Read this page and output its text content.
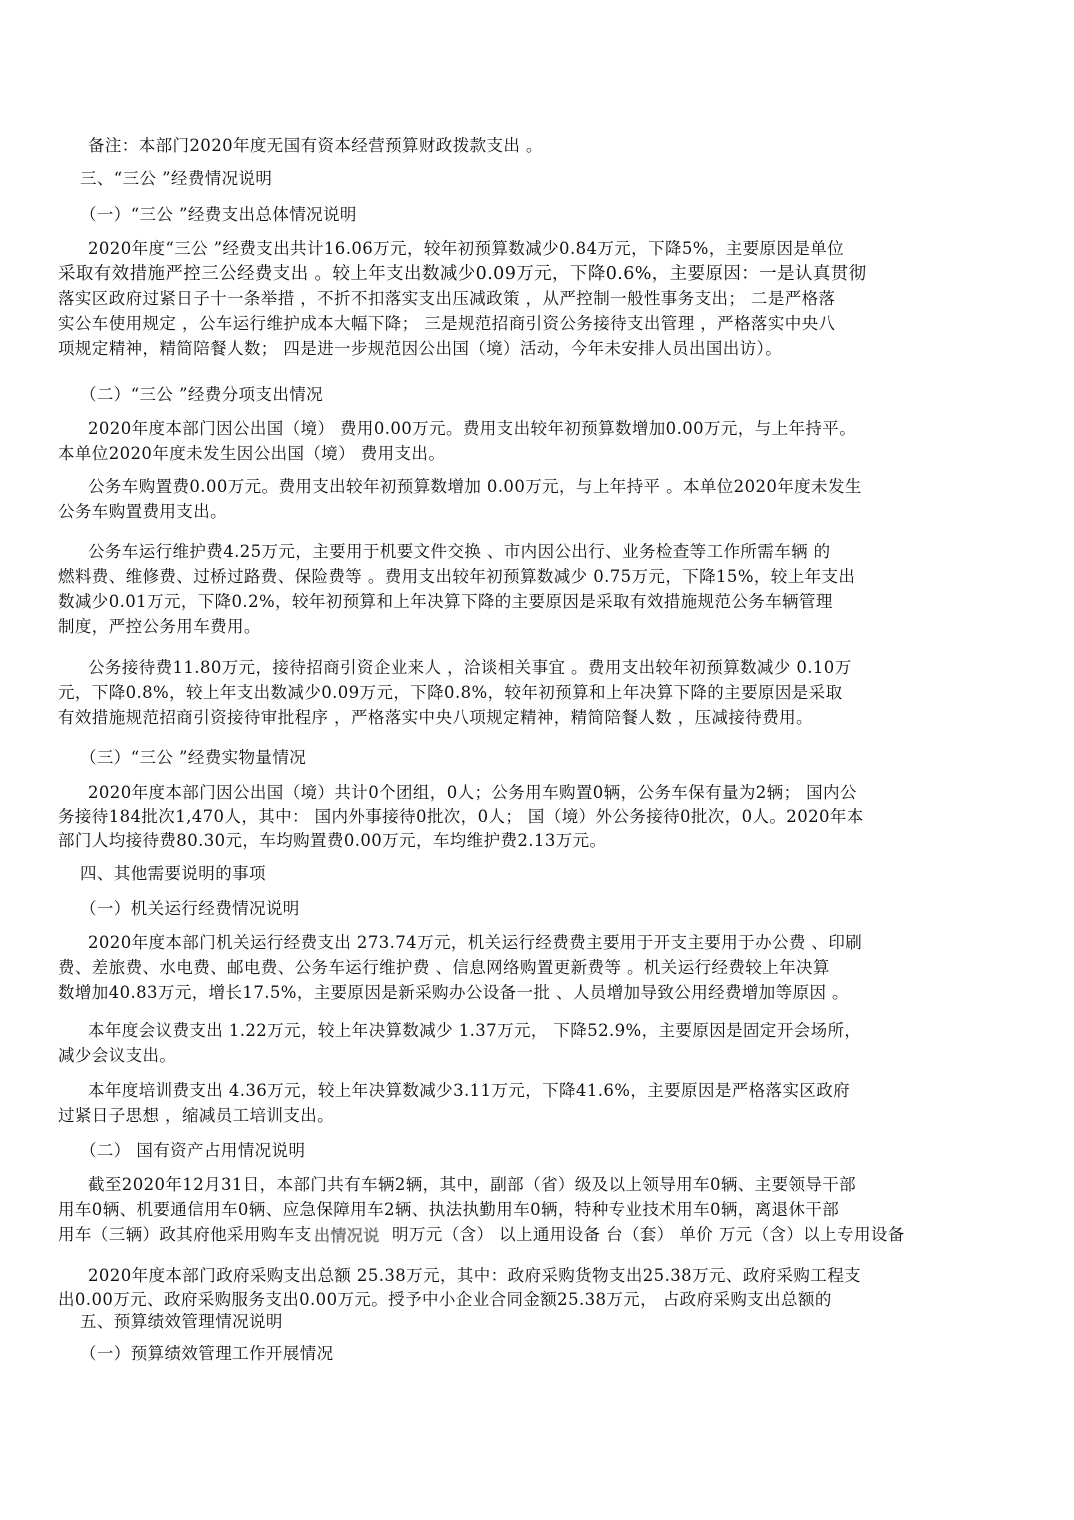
备注：本部门2020年度无国有资本经营预算财政拨款支出 。
三、“三公 ”经费情况说明
（一）“三公 ”经费支出总体情况说明
2020年度“三公 ”经费支出共计16.06万元，较年初预算数减少0.84万元，下降5%，主要原因是单位
采取有效措施严控三公经费支出 。较上年支出数减少0.09万元，下降0.6%，主要原因：一是认真贯彻
落实区政府过紧日子十一条举措 ，不折不扣落实支出压减政策 ，从严控制一般性事务支出； 二是严格落
实公车使用规定 ，公车运行维护成本大幅下降； 三是规范招商引资公务接待支出管理 ，严格落实中央八
项规定精神，精简陪餐人数； 四是进一步规范因公出国（境）活动，今年未安排人员出国出访）。
（二）“三公 ”经费分项支出情况
2020年度本部门因公出国（境） 费用0.00万元。费用支出较年初预算数增加0.00万元，与上年持平。
本单位2020年度未发生因公出国（境） 费用支出。
公务车购置费0.00万元。费用支出较年初预算数增加 0.00万元，与上年持平 。本单位2020年度未发生
公务车购置费用支出。
公务车运行维护费4.25万元，主要用于机要文件交换 、市内因公出行、业务检查等工作所需车辆 的
燃料费、维修费、过桥过路费、保险费等 。费用支出较年初预算数减少 0.75万元，下降15%，较上年支出
数减少0.01万元，下降0.2%，较年初预算和上年决算下降的主要原因是采取有效措施规范公务车辆管理
制度，严控公务用车费用。
公务接待费11.80万元，接待招商引资企业来人 ，洽谈相关事宜 。费用支出较年初预算数减少 0.10万
元，下降0.8%，较上年支出数减少0.09万元，下降0.8%，较年初预算和上年决算下降的主要原因是采取
有效措施规范招商引资接待审批程序 ，严格落实中央八项规定精神，精简陪餐人数 ，压减接待费用。
（三）“三公 ”经费实物量情况
2020年度本部门因公出国（境）共计0个团组，0人；公务用车购置0辆，公务车保有量为2辆； 国内公
务接待184批次1,470人，其中： 国内外事接待0批次，0人； 国（境）外公务接待0批次，0人。2020年本
部门人均接待费80.30元，车均购置费0.00万元，车均维护费2.13万元。
四、其他需要说明的事项
（一）机关运行经费情况说明
2020年度本部门机关运行经费支出 273.74万元，机关运行经费费主要用于开支主要用于办公费 、印刷
费、差旅费、水电费、邮电费、公务车运行维护费 、信息网络购置更新费等 。机关运行经费较上年决算
数增加40.83万元，增长17.5%，主要原因是新采购办公设备一批 、人员增加导致公用经费增加等原因 。
本年度会议费支出 1.22万元，较上年决算数减少 1.37万元， 下降52.9%，主要原因是固定开会场所，
减少会议支出。
本年度培训费支出 4.36万元，较上年决算数减少3.11万元，下降41.6%，主要原因是严格落实区政府
过紧日子思想 ，缩减员工培训支出。
（二） 国有资产占用情况说明
截至2020年12月31日，本部门共有车辆2辆，其中，副部（省）级及以上领导用车0辆、主要领导干部
用车0辆、机要通信用车0辆、应急保障用车2辆、执法执勤用车0辆，特种专业技术用车0辆，离退休干部
用车（三辆）政其府他采用购车支 出情况说 明万元（含） 以上通用设备 台（套） 单价 万元（含）以上专用设备
2020年度本部门政府采购支出总额 25.38万元，其中：政府采购货物支出25.38万元、政府采购工程支
出0.00万元、政府采购服务支出0.00万元。授予中小企业合同金额25.38万元， 占政府采购支出总额的
五、预算绩效管理情况说明
（一）预算绩效管理工作开展情况
